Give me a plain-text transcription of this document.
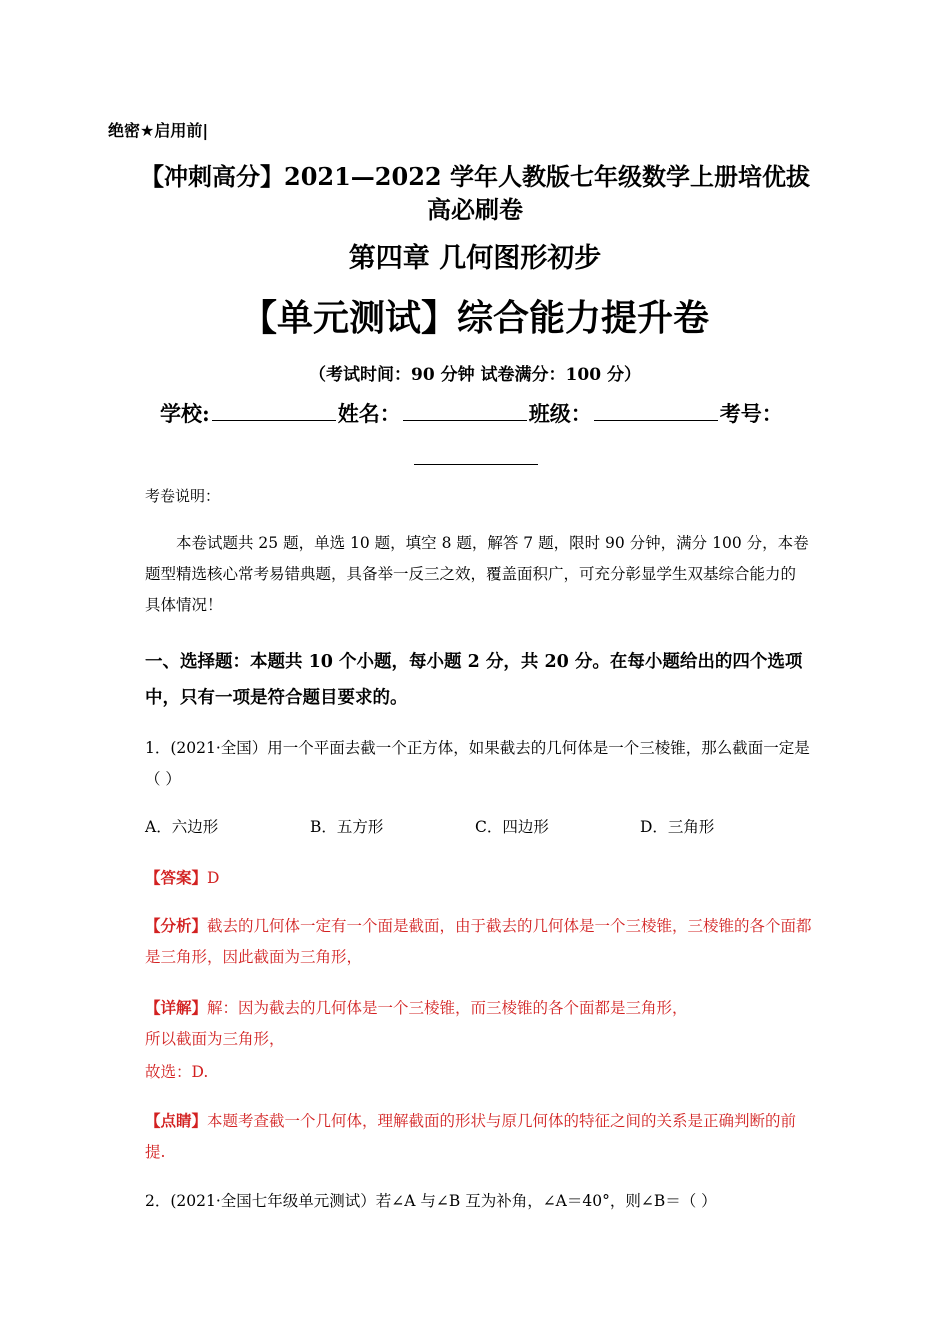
绝密★启用前|
【冲刺高分】2021—2022 学年人教版七年级数学上册培优拔
高必刷卷
第四章 几何图形初步
【单元测试】综合能力提升卷
（考试时间：90 分钟 试卷满分：100 分）
学校:	姓名：	班级：	考号：
考卷说明：
本卷试题共 25 题，单选 10 题，填空 8 题，解答 7 题，限时 90 分钟，满分 100 分，本卷题型精选核心常考易错典题，具备举一反三之效，覆盖面积广，可充分彰显学生双基综合能力的具体情况！
一、选择题：本题共 10 个小题，每小题 2 分，共 20 分。在每小题给出的四个选项中，只有一项是符合题目要求的。
1．(2021·全国）用一个平面去截一个正方体，如果截去的几何体是一个三棱锥，那么截面一定是（ ）
A．六边形	B．五方形	C．四边形	D．三角形
【答案】D
【分析】截去的几何体一定有一个面是截面，由于截去的几何体是一个三棱锥，三棱锥的各个面都是三角形，因此截面为三角形，
【详解】解：因为截去的几何体是一个三棱锥，而三棱锥的各个面都是三角形，
所以截面为三角形，
故选：D.
【点睛】本题考查截一个几何体，理解截面的形状与原几何体的特征之间的关系是正确判断的前提.
2．(2021·全国七年级单元测试）若∠A 与∠B 互为补角，∠A＝40°，则∠B＝（ ）
